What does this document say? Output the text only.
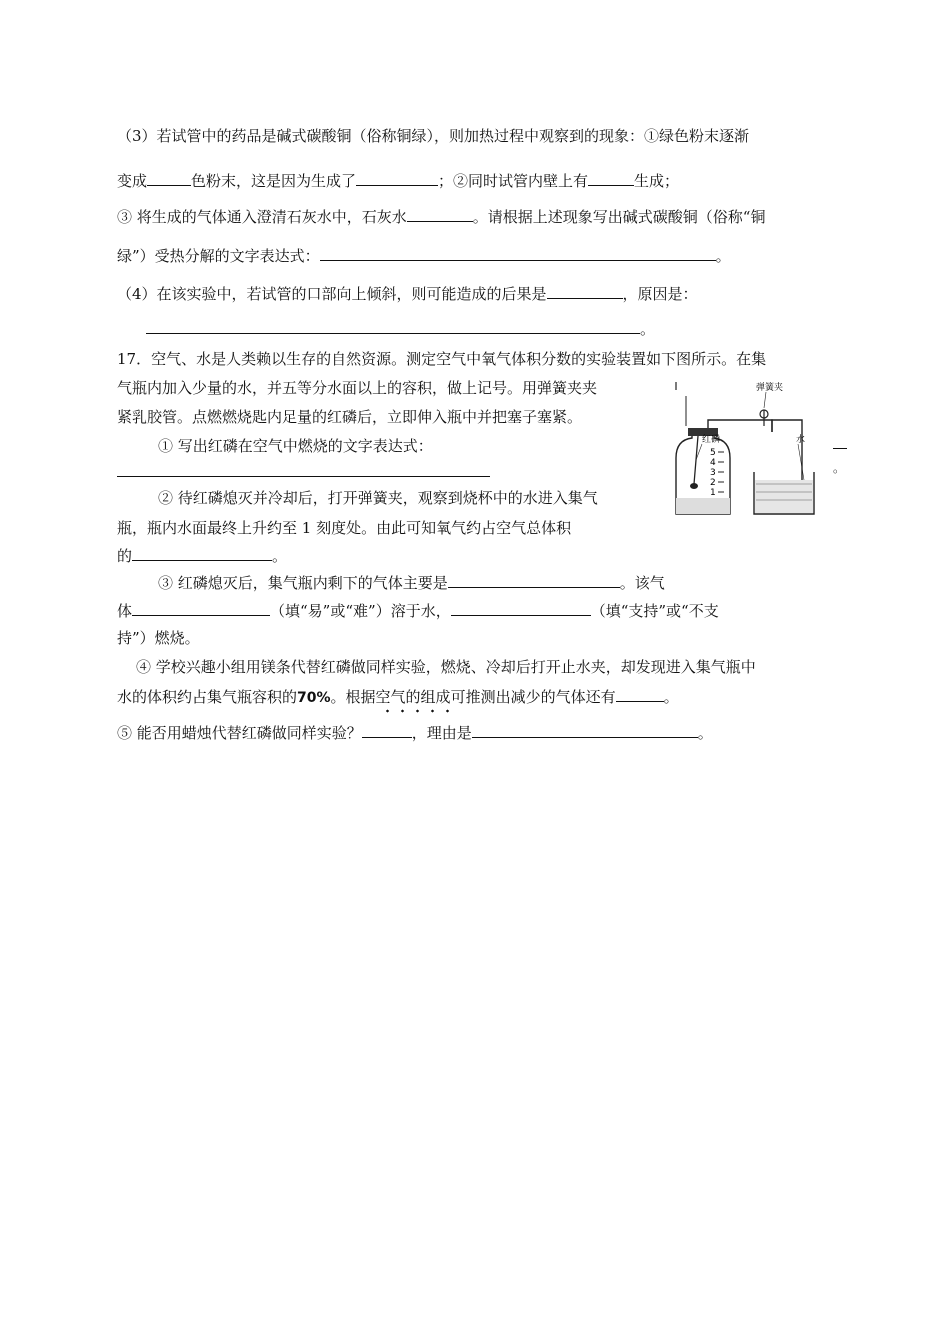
（3）若试管中的药品是碱式碳酸铜（俗称铜绿），则加热过程中观察到的现象：①绿色粉末逐渐
变成	色粉末，这是因为生成了	；②同时试管内壁上有	生成；
③ 将生成的气体通入澄清石灰水中，石灰水	。请根据上述现象写出碱式碳酸铜（俗称“铜
绿”）受热分解的文字表达式：	。
（4）在该实验中，若试管的口部向上倾斜，则可能造成的后果是	，原因是：
。
17．空气、水是人类赖以生存的自然资源。测定空气中氧气体积分数的实验装置如下图所示。在集
气瓶内加入少量的水，并五等分水面以上的容积，做上记号。用弹簧夹夹
紧乳胶管。点燃燃烧匙内足量的红磷后，立即伸入瓶中并把塞子塞紧。
① 写出红磷在空气中燃烧的文字表达式：
。
② 待红磷熄灭并冷却后，打开弹簧夹，观察到烧杯中的水进入集气
瓶，瓶内水面最终上升约至 1 刻度处。由此可知氧气约占空气总体积
的	。
③ 红磷熄灭后，集气瓶内剩下的气体主要是	。该气
体	（填“易”或“难”）溶于水，	（填“支持”或“不支
持”）燃烧。
④ 学校兴趣小组用镁条代替红磷做同样实验，燃烧、冷却后打开止水夹，却发现进入集气瓶中
水的体积约占集气瓶容积的70%。根据空气的组成可推测出减少的气体还有	。
⑤ 能否用蜡烛代替红磷做同样实验？	，理由是	。
5
4
3
2
1
红磷
弹簧夹
水
